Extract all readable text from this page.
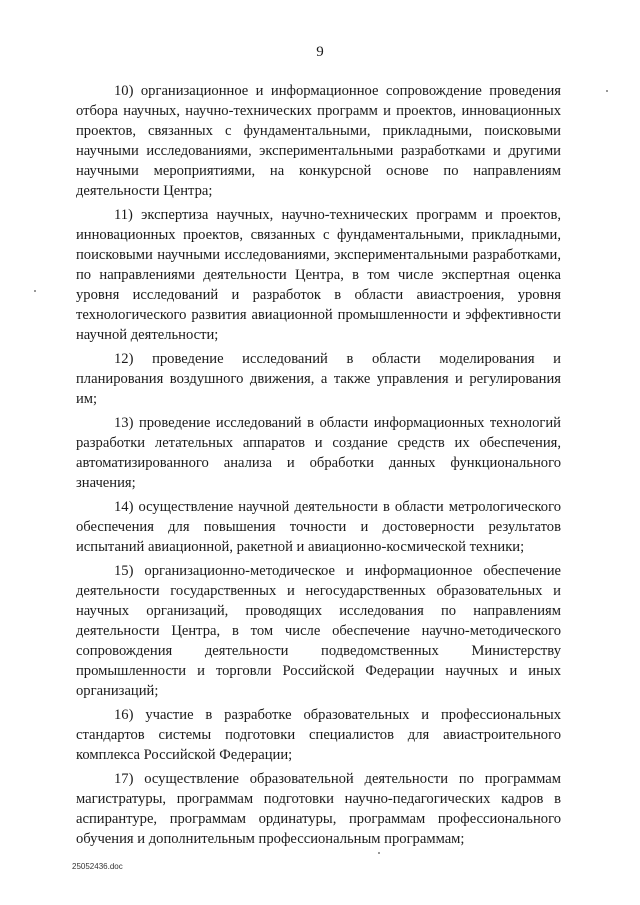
9

10) организационное и информационное сопровождение проведения отбора научных, научно-технических программ и проектов, инновационных проектов, связанных с фундаментальными, прикладными, поисковыми научными исследованиями, экспериментальными разработками и другими научными мероприятиями, на конкурсной основе по направлениям деятельности Центра;

11) экспертиза научных, научно-технических программ и проектов, инновационных проектов, связанных с фундаментальными, прикладными, поисковыми научными исследованиями, экспериментальными разработками, по направлениями деятельности Центра, в том числе экспертная оценка уровня исследований и разработок в области авиастроения, уровня технологического развития авиационной промышленности и эффективности научной деятельности;

12) проведение исследований в области моделирования и планирования воздушного движения, а также управления и регулирования им;

13) проведение исследований в области информационных технологий разработки летательных аппаратов и создание средств их обеспечения, автоматизированного анализа и обработки данных функционального значения;

14) осуществление научной деятельности в области метрологического обеспечения для повышения точности и достоверности результатов испытаний авиационной, ракетной и авиационно-космической техники;

15) организационно-методическое и информационное обеспечение деятельности государственных и негосударственных образовательных и научных организаций, проводящих исследования по направлениям деятельности Центра, в том числе обеспечение научно-методического сопровождения деятельности подведомственных Министерству промышленности и торговли Российской Федерации научных и иных организаций;

16) участие в разработке образовательных и профессиональных стандартов системы подготовки специалистов для авиастроительного комплекса Российской Федерации;

17) осуществление образовательной деятельности по программам магистратуры, программам подготовки научно-педагогических кадров в аспирантуре, программам ординатуры, программам профессионального обучения и дополнительным профессиональным программам;

25052436.doc
